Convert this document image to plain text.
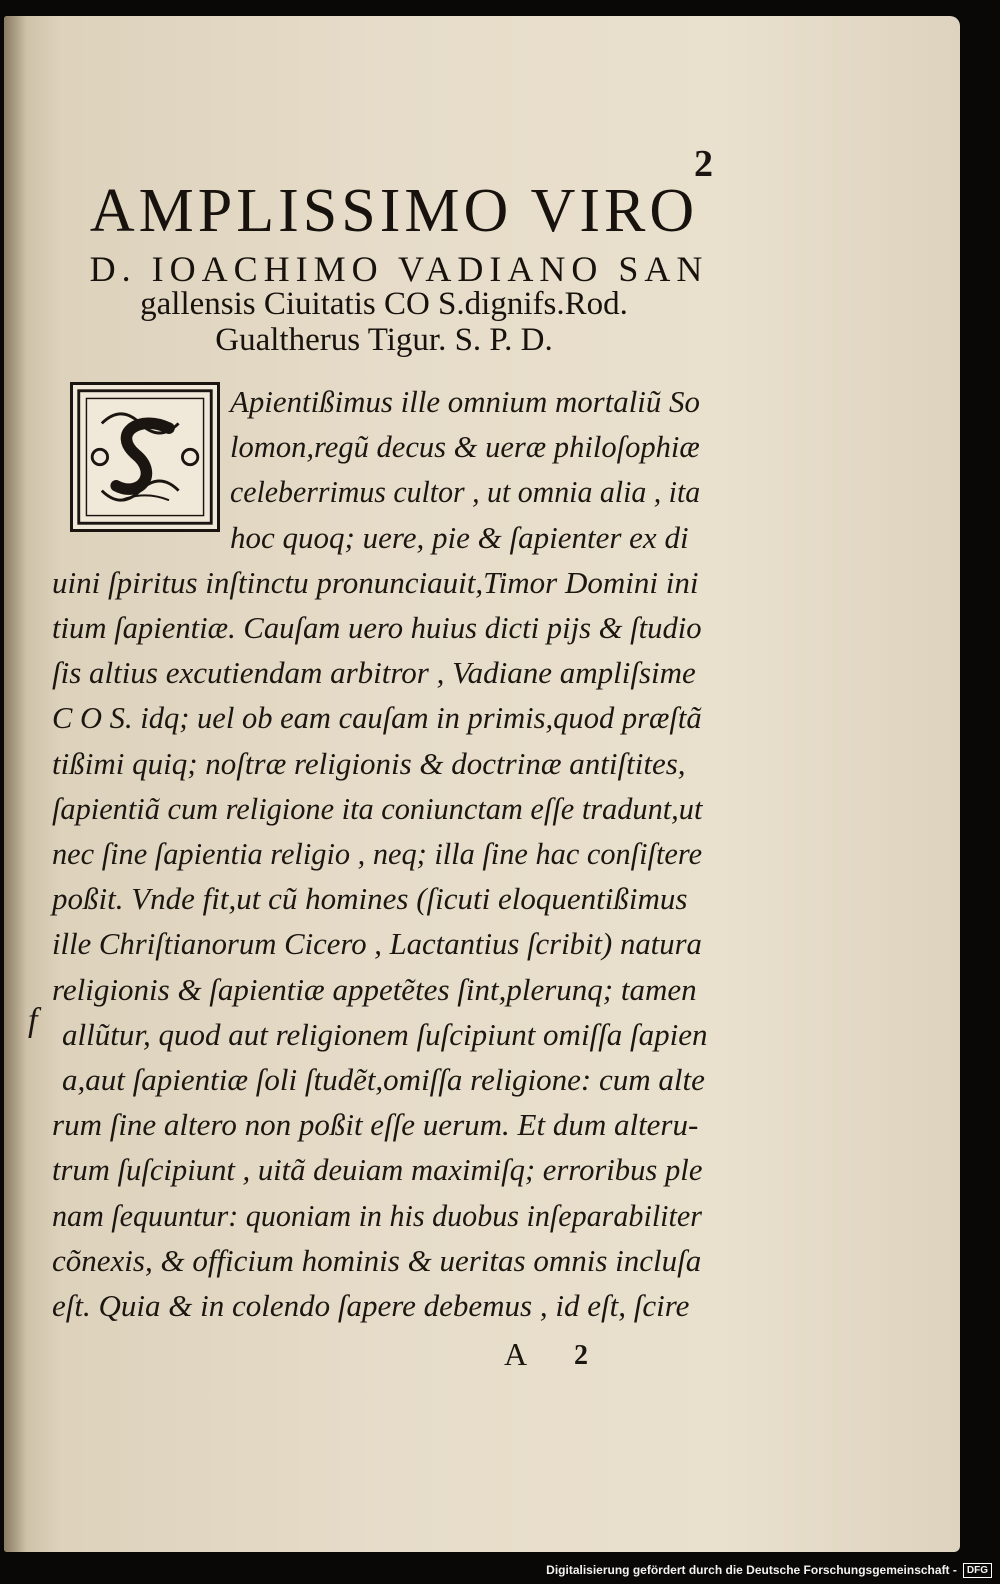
2
AMPLISSIMO VIRO
D. IOACHIMO VADIANO SAN
gallensis Ciuitatis CO S.dignifs.Rod.
Gualtherus Tigur. S. P. D.
Apientißimus ille omnium mortaliũ So
lomon,regũ decus & ueræ philoſophiæ
celeberrimus cultor , ut omnia alia , ita
hoc quoq; uere, pie & ſapienter ex di
uini ſpiritus inſtinctu pronunciauit,Timor Domini ini
tium ſapientiæ. Cauſam uero huius dicti pijs & ſtudio
ſis altius excutiendam arbitror , Vadiane ampliſsime
C O S. idq; uel ob eam cauſam in primis,quod præſtã
tißimi quiq; noſtræ religionis & doctrinæ antiſtites,
ſapientiã cum religione ita coniunctam eſſe tradunt,ut
nec ſine ſapientia religio , neq; illa ſine hac conſiſtere
poßit. Vnde fit,ut cũ homines (ſicuti eloquentißimus
ille Chriſtianorum Cicero , Lactantius ſcribit) natura
religionis & ſapientiæ appetẽtes ſint,plerunq; tamen
allũtur, quod aut religionem ſuſcipiunt omiſſa ſapien
a,aut ſapientiæ ſoli ſtudẽt,omiſſa religione: cum alte
rum ſine altero non poßit eſſe uerum. Et dum alteru-
trum ſuſcipiunt , uitã deuiam maximiſq; erroribus ple
nam ſequuntur: quoniam in his duobus inſeparabiliter
cõnexis, & officium hominis & ueritas omnis incluſa
eſt. Quia & in colendo ſapere debemus , id eſt, ſcire
f
A 2
Digitalisierung gefördert durch die Deutsche Forschungsgemeinschaft -	DFG
